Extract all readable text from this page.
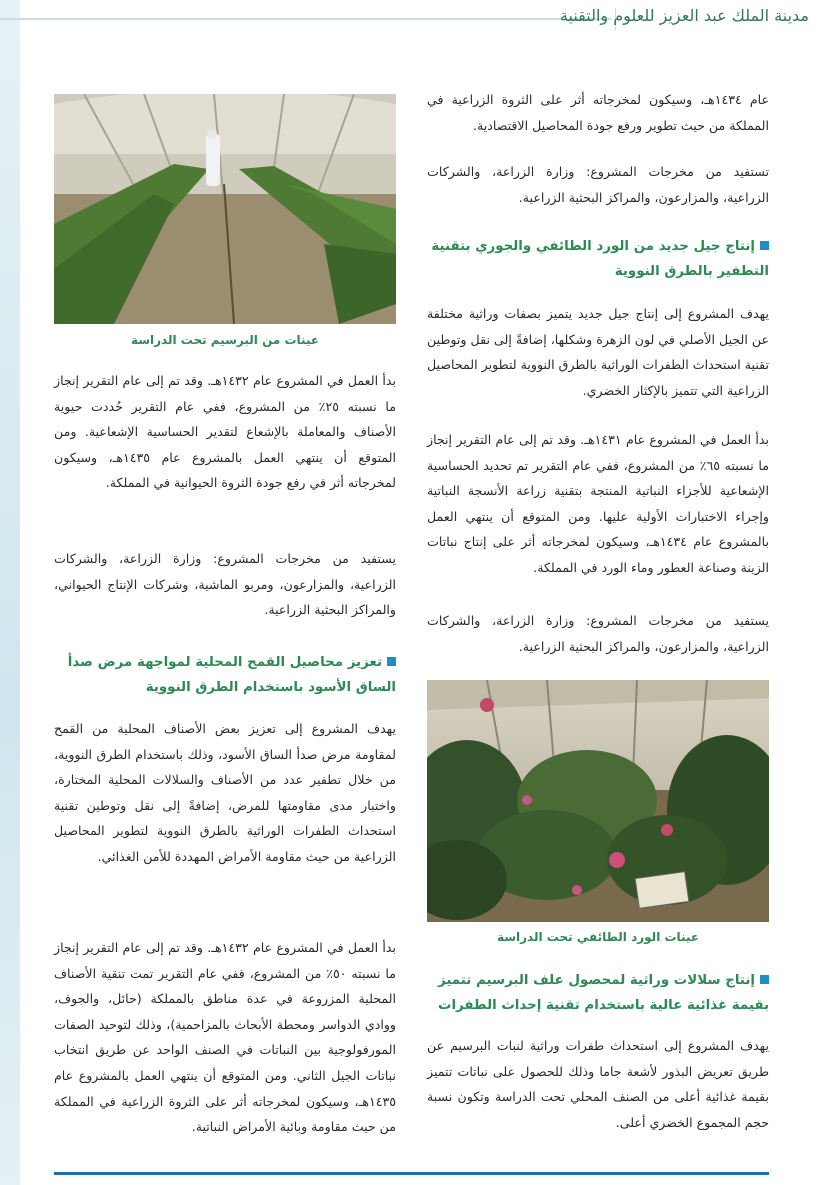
مدينة الملك عبد العزيز للعلوم والتقنية

عام ١٤٣٤هـ، وسيكون لمخرجاته أثر على الثروة الزراعية في المملكة من حيث تطوير ورفع جودة المحاصيل الاقتصادية.

تستفيد من مخرجات المشروع: وزارة الزراعة، والشركات الزراعية، والمزارعون، والمراكز البحثية الزراعية.

إنتاج جيل جديد من الورد الطائفي والجوري بتقنية التطفير بالطرق النووية

يهدف المشروع إلى إنتاج جيل جديد يتميز بصفات وراثية مختلفة عن الجيل الأصلي في لون الزهرة وشكلها، إضافةً إلى نقل وتوطين تقنية استحداث الطفرات الوراثية بالطرق النووية لتطوير المحاصيل الزراعية التي تتميز بالإكثار الخضري.

بدأ العمل في المشروع عام ١٤٣١هـ. وقد تم إلى عام التقرير إنجاز ما نسبته ٦٥٪ من المشروع، ففي عام التقرير تم تحديد الحساسية الإشعاعية للأجزاء النباتية المنتجة بتقنية زراعة الأنسجة النباتية وإجراء الاختبارات الأولية عليها. ومن المتوقع أن ينتهي العمل بالمشروع عام ١٤٣٤هـ، وسيكون لمخرجاته أثر على إنتاج نباتات الزينة وصناعة العطور وماء الورد في المملكة.

يستفيد من مخرجات المشروع: وزارة الزراعة، والشركات الزراعية، والمزارعون، والمراكز البحثية الزراعية.

عينات الورد الطائفي تحت الدراسة

إنتاج سلالات وراثية لمحصول علف البرسيم تتميز بقيمة غذائية عالية باستخدام تقنية إحداث الطفرات

يهدف المشروع إلى استحداث طفرات وراثية لنبات البرسيم عن طريق تعريض البذور لأشعة جاما وذلك للحصول على نباتات تتميز بقيمة غذائية أعلى من الصنف المحلي تحت الدراسة وتكون نسبة حجم المجموع الخضري أعلى.

عينات من البرسيم تحت الدراسة

بدأ العمل في المشروع عام ١٤٣٢هـ. وقد تم إلى عام التقرير إنجاز ما نسبته ٢٥٪ من المشروع، ففي عام التقرير حُددت حيوية الأصناف والمعاملة بالإشعاع لتقدير الحساسية الإشعاعية. ومن المتوقع أن ينتهي العمل بالمشروع عام ١٤٣٥هـ، وسيكون لمخرجاته أثر في رفع جودة الثروة الحيوانية في المملكة.

يستفيد من مخرجات المشروع: وزارة الزراعة، والشركات الزراعية، والمزارعون، ومربو الماشية، وشركات الإنتاج الحيواني، والمراكز البحثية الزراعية.

تعزيز محاصيل القمح المحلية لمواجهة مرض صدأ الساق الأسود باستخدام الطرق النووية

يهدف المشروع إلى تعزيز بعض الأصناف المحلية من القمح لمقاومة مرض صدأ الساق الأسود، وذلك باستخدام الطرق النووية، من خلال تطفير عدد من الأصناف والسلالات المحلية المختارة، واختبار مدى مقاومتها للمرض، إضافةً إلى نقل وتوطين تقنية استحداث الطفرات الوراثية بالطرق النووية لتطوير المحاصيل الزراعية من حيث مقاومة الأمراض المهددة للأمن الغذائي.

بدأ العمل في المشروع عام ١٤٣٢هـ. وقد تم إلى عام التقرير إنجاز ما نسبته ٥٠٪ من المشروع، ففي عام التقرير تمت تنقية الأصناف المحلية المزروعة في عدة مناطق بالمملكة (حائل، والجوف، ووادي الدواسر ومحطة الأبحاث بالمزاحمية)، وذلك لتوحيد الصفات المورفولوجية بين النباتات في الصنف الواحد عن طريق انتخاب نباتات الجيل الثاني. ومن المتوقع أن ينتهي العمل بالمشروع عام ١٤٣٥هـ، وسيكون لمخرجاته أثر على الثروة الزراعية في المملكة من حيث مقاومة وبائية الأمراض النباتية.
